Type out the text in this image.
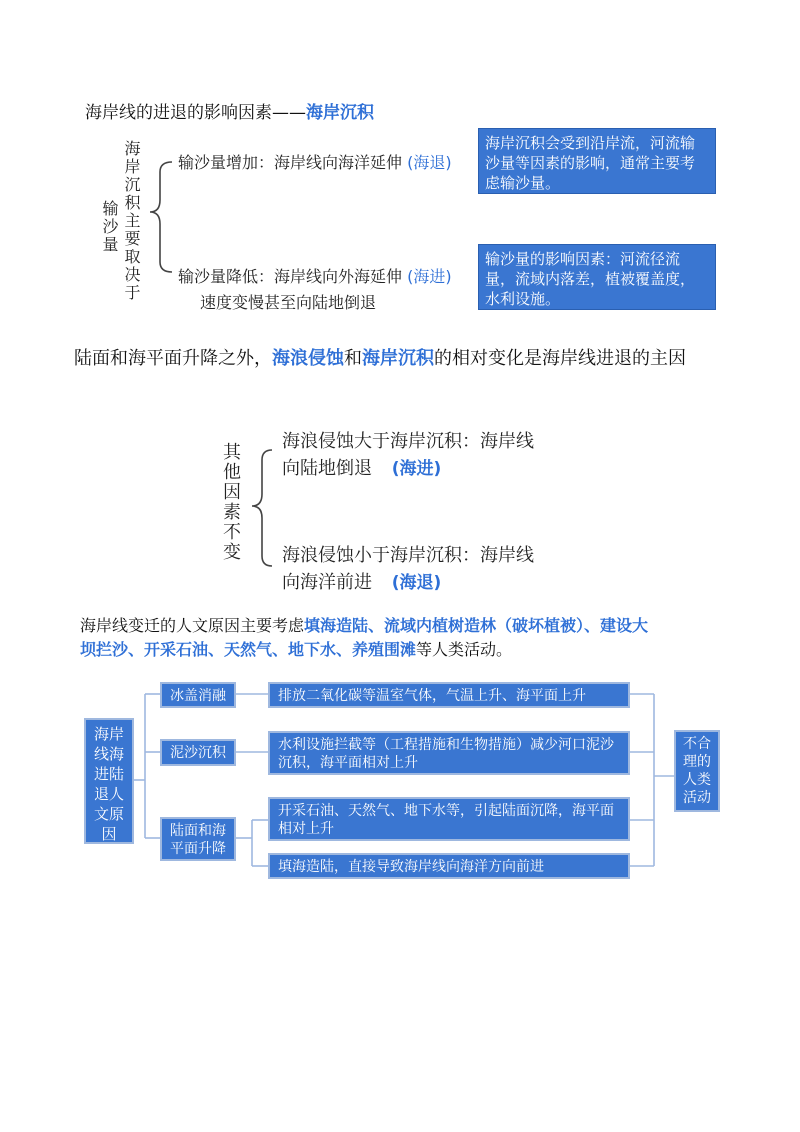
海岸线的进退的影响因素——海岸沉积
海岸沉积主要取决于
输沙量
输沙量增加：海岸线向海洋延伸 (海退)
输沙量降低：海岸线向外海延伸 (海进)
速度变慢甚至向陆地倒退
海岸沉积会受到沿岸流，河流输沙量等因素的影响，通常主要考虑输沙量。
输沙量的影响因素：河流径流量，流域内落差，植被覆盖度，水利设施。
陆面和海平面升降之外，海浪侵蚀和海岸沉积的相对变化是海岸线进退的主因
其他因素不变
海浪侵蚀大于海岸沉积：海岸线
向陆地倒退 (海进)
海浪侵蚀小于海岸沉积：海岸线
向海洋前进 (海退)
海岸线变迁的人文原因主要考虑填海造陆、流域内植树造林（破坏植被）、建设大
坝拦沙、开采石油、天然气、地下水、养殖围滩等人类活动。
海岸线海进陆退人文原因
冰盖消融
泥沙沉积
陆面和海平面升降
排放二氧化碳等温室气体，气温上升、海平面上升
水利设施拦截等（工程措施和生物措施）减少河口泥沙沉积，海平面相对上升
开采石油、天然气、地下水等，引起陆面沉降，海平面相对上升
填海造陆，直接导致海岸线向海洋方向前进
不合理的人类活动
